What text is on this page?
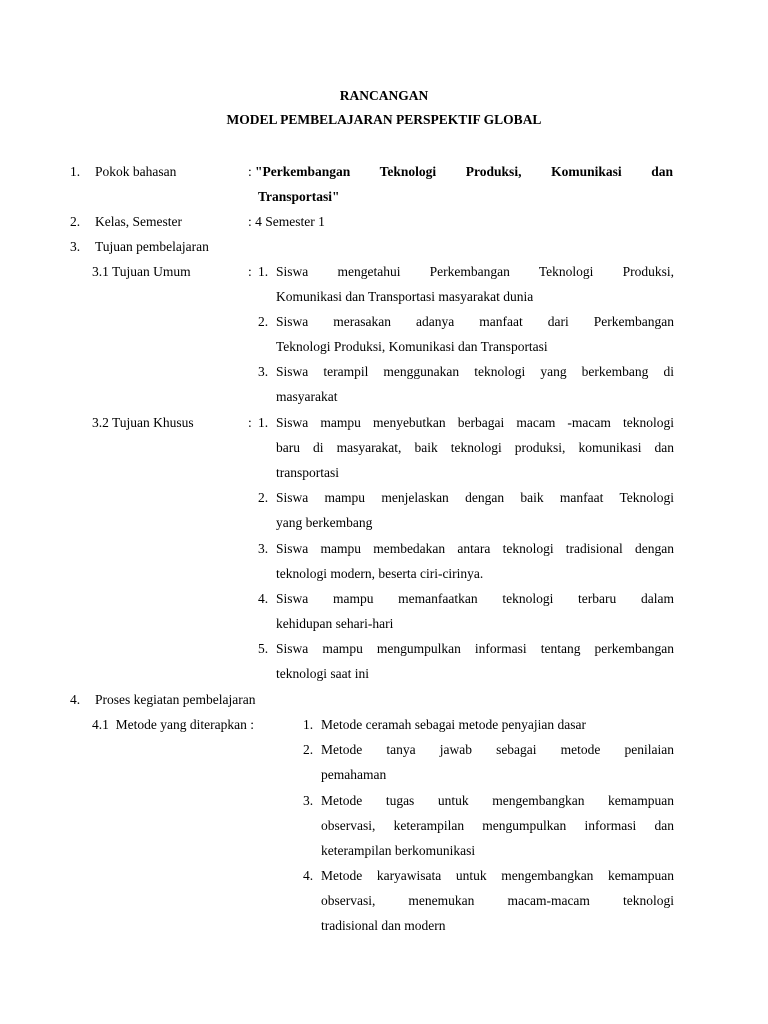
RANCANGAN
MODEL PEMBELAJARAN PERSPEKTIF GLOBAL
1. Pokok bahasan	: "Perkembangan Teknologi Produksi, Komunikasi dan
Transportasi"
2. Kelas, Semester	: 4 Semester 1
3. Tujuan pembelajaran
3.1 Tujuan Umum	: 1. Siswa mengetahui Perkembangan Teknologi Produksi,
Komunikasi dan Transportasi masyarakat dunia
2. Siswa merasakan adanya manfaat dari Perkembangan
Teknologi Produksi, Komunikasi dan Transportasi
3. Siswa terampil menggunakan teknologi yang berkembang di
masyarakat
3.2 Tujuan Khusus	: 1. Siswa mampu menyebutkan berbagai macam -macam teknologi
baru di masyarakat, baik teknologi produksi, komunikasi dan
transportasi
2. Siswa mampu menjelaskan dengan baik manfaat Teknologi
yang berkembang
3. Siswa mampu membedakan antara teknologi tradisional dengan
teknologi modern, beserta ciri-cirinya.
4. Siswa mampu memanfaatkan teknologi terbaru dalam
kehidupan sehari-hari
5. Siswa mampu mengumpulkan informasi tentang perkembangan
teknologi saat ini
4. Proses kegiatan pembelajaran
4.1  Metode yang diterapkan :	1. Metode ceramah sebagai metode penyajian dasar
2. Metode tanya jawab sebagai metode penilaian
pemahaman
3. Metode tugas untuk mengembangkan kemampuan
observasi, keterampilan mengumpulkan informasi dan
keterampilan berkomunikasi
4. Metode karyawisata untuk mengembangkan kemampuan
observasi, menemukan macam-macam teknologi
tradisional dan modern
